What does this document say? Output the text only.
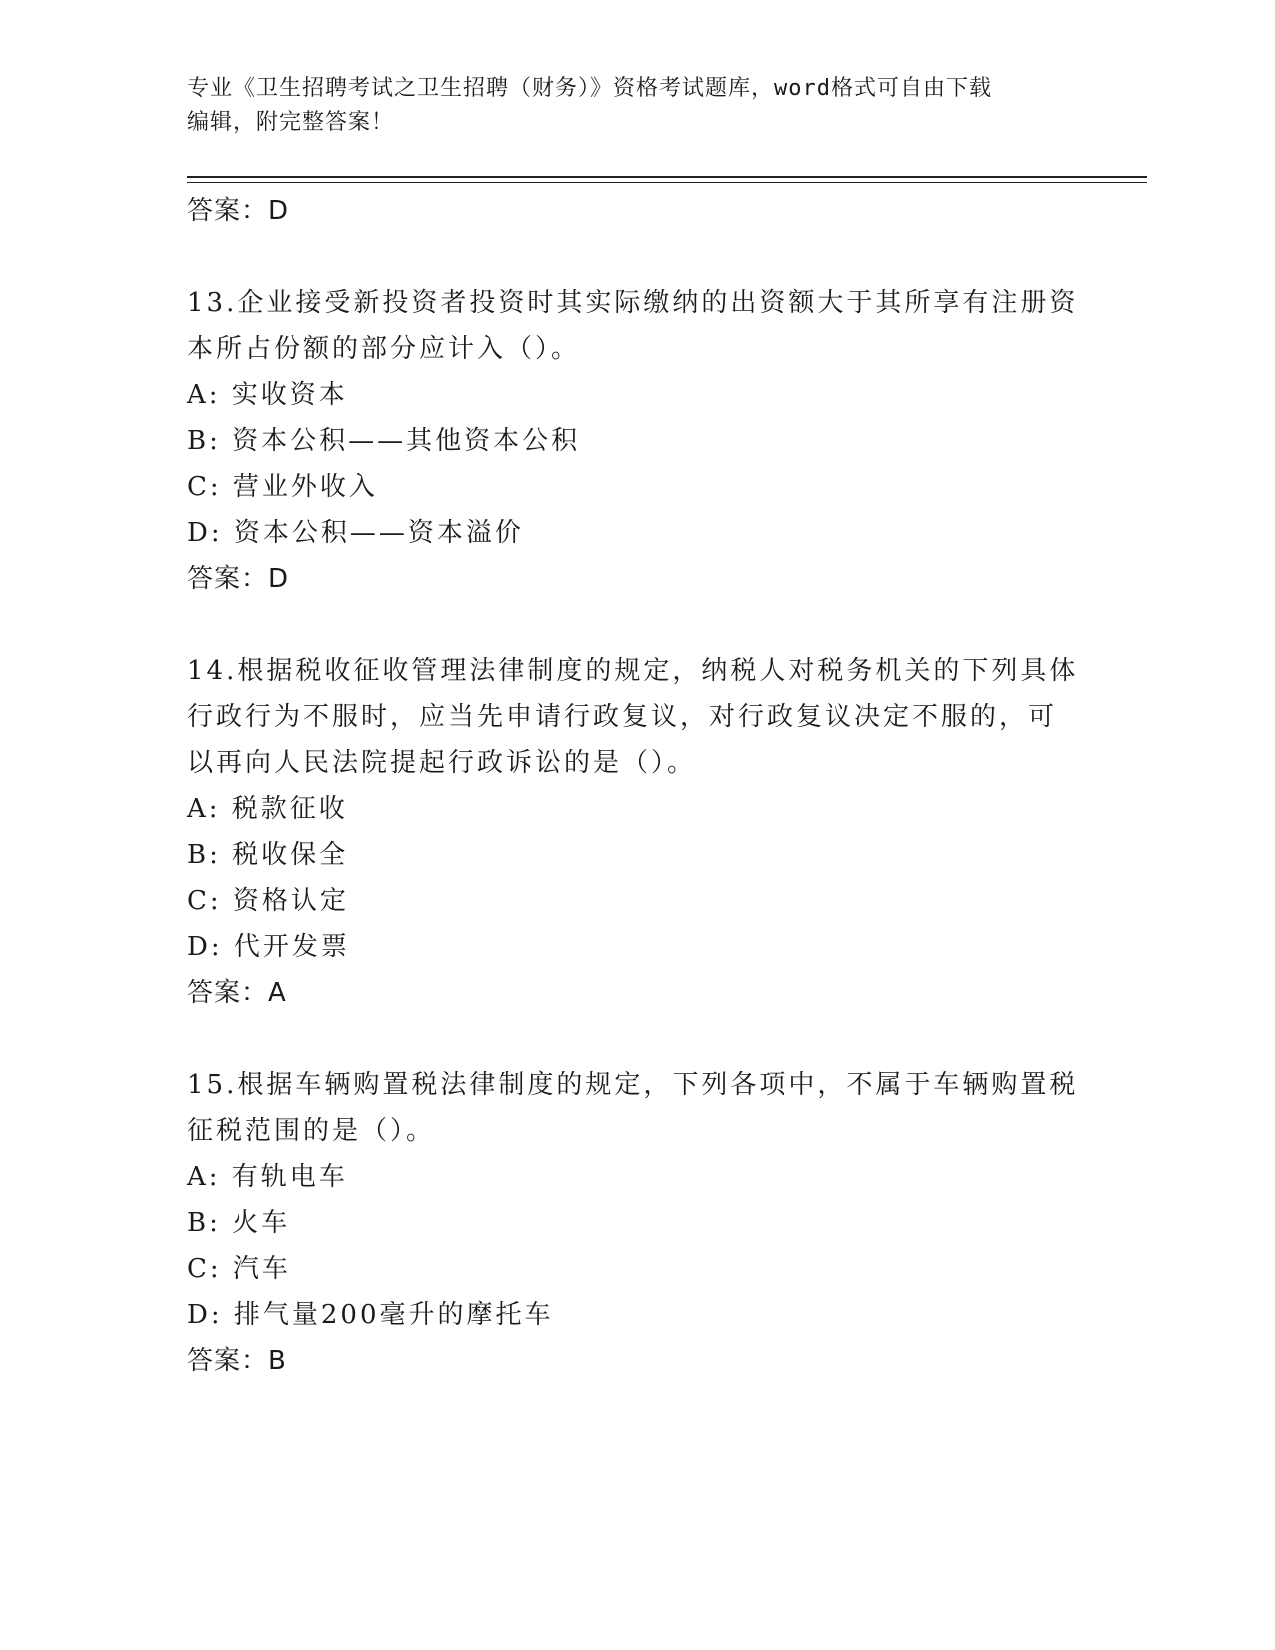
专业《卫生招聘考试之卫生招聘（财务）》资格考试题库，word格式可自由下载
编辑，附完整答案！

答案：D

13.企业接受新投资者投资时其实际缴纳的出资额大于其所享有注册资

本所占份额的部分应计入（）。

A: 实收资本

B: 资本公积——其他资本公积

C: 营业外收入

D: 资本公积——资本溢价

答案：D

14.根据税收征收管理法律制度的规定，纳税人对税务机关的下列具体

行政行为不服时，应当先申请行政复议，对行政复议决定不服的，可

以再向人民法院提起行政诉讼的是（）。

A: 税款征收

B: 税收保全

C: 资格认定

D: 代开发票

答案：A

15.根据车辆购置税法律制度的规定，下列各项中，不属于车辆购置税

征税范围的是（）。

A: 有轨电车

B: 火车

C: 汽车

D: 排气量200毫升的摩托车

答案：B
